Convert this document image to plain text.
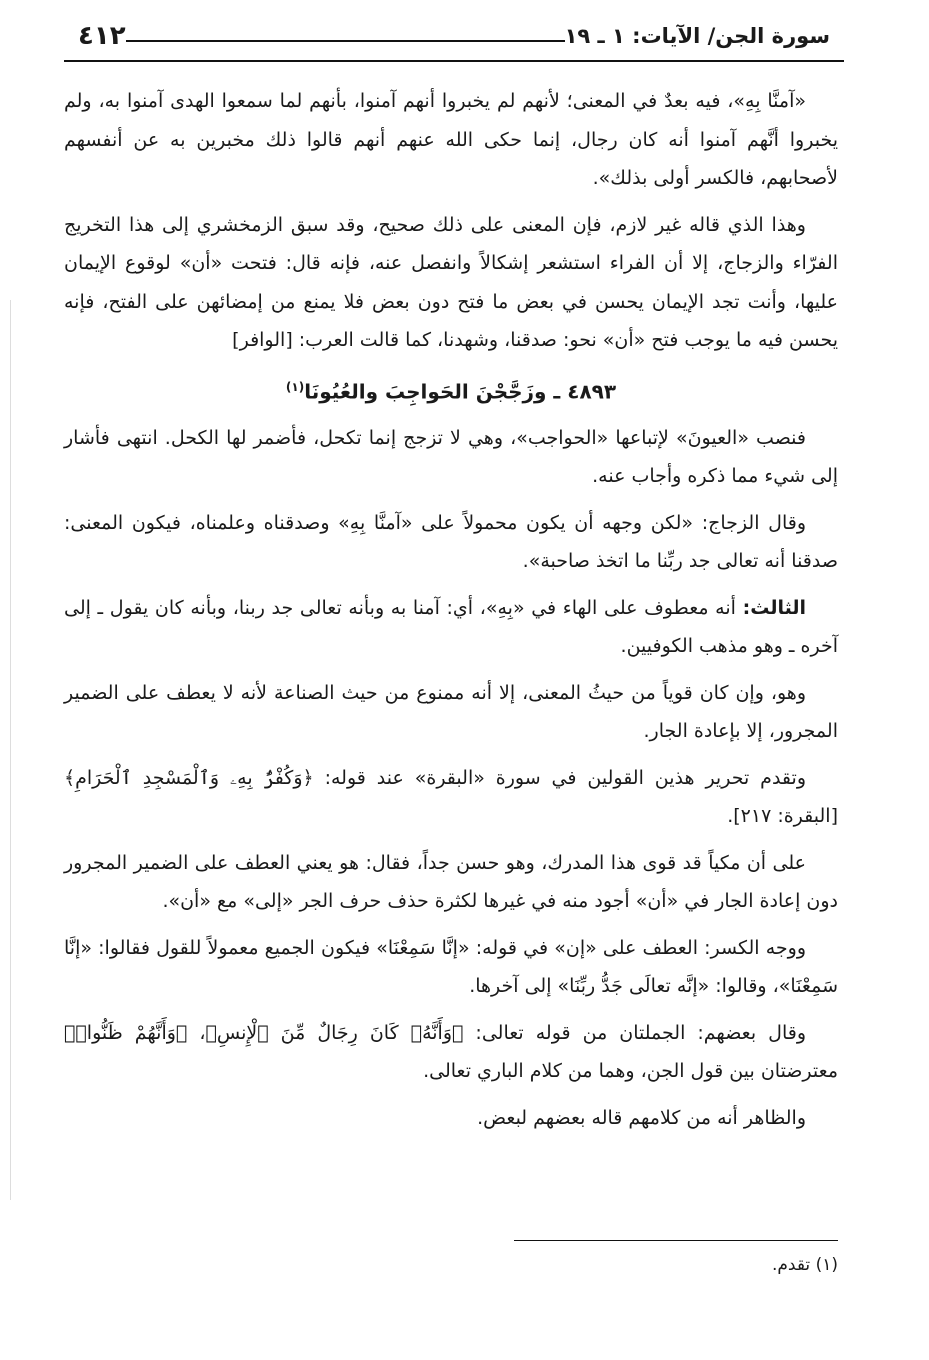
٤١٢	سورة الجن/ الآيات: ١ ـ ١٩

«آمنَّا بِهِ»، فيه بعدٌ في المعنى؛ لأنهم لم يخبروا أنهم آمنوا، بأنهم لما سمعوا الهدى آمنوا به، ولم يخبروا أنَّهم آمنوا أنه كان رجال، إنما حكى الله عنهم أنهم قالوا ذلك مخبرين به عن أنفسهم لأصحابهم، فالكسر أولى بذلك».

وهذا الذي قاله غير لازم، فإن المعنى على ذلك صحيح، وقد سبق الزمخشري إلى هذا التخريج الفرّاء والزجاج، إلا أن الفراء استشعر إشكالاً وانفصل عنه، فإنه قال: فتحت «أن» لوقوع الإيمان عليها، وأنت تجد الإيمان يحسن في بعض ما فتح دون بعض فلا يمنع من إمضائهن على الفتح، فإنه يحسن فيه ما يوجب فتح «أن» نحو: صدقنا، وشهدنا، كما قالت العرب: [الوافر]

٤٨٩٣ ـ وزَجَّجْنَ الحَواجِبَ والعُيُونَا$^{(١)}$

فنصب «العيونَ» لإتباعها «الحواجب»، وهي لا تزجج إنما تكحل، فأضمر لها الكحل. انتهى فأشار إلى شيء مما ذكره وأجاب عنه.

وقال الزجاج: «لكن وجهه أن يكون محمولاً على «آمنَّا بِهِ» وصدقناه وعلمناه، فيكون المعنى: صدقنا أنه تعالى جد ربِّنا ما اتخذ صاحبة».

الثالث: أنه معطوف على الهاء في «بِهِ»، أي: آمنا به وبأنه تعالى جد ربنا، وبأنه كان يقول ـ إلى آخره ـ وهو مذهب الكوفيين.

وهو، وإن كان قوياً من حيثُ المعنى، إلا أنه ممنوع من حيث الصناعة لأنه لا يعطف على الضمير المجرور، إلا بإعادة الجار.

وتقدم تحرير هذين القولين في سورة «البقرة» عند قوله: ﴿وَكُفْرٌۢ بِهِۦ وَٱلْمَسْجِدِ ٱلْحَرَامِ﴾ [البقرة: ٢١٧].

على أن مكياً قد قوى هذا المدرك، وهو حسن جداً، فقال: هو يعني العطف على الضمير المجرور دون إعادة الجار في «أن» أجود منه في غيرها لكثرة حذف حرف الجر «إلى» مع «أن».

ووجه الكسر: العطف على «إن» في قوله: «إنَّا سَمِعْنَا» فيكون الجميع معمولاً للقول فقالوا: «إنَّا سَمِعْنَا»، وقالوا: «إنَّه تعالَى جَدُّ ربِّنَا» إلى آخرها.

وقال بعضهم: الجملتان من قوله تعالى: ﴿وَأَنَّهُۥ كَانَ رِجَالٌ مِّنَ ٱلْإِنسِ﴾، ﴿وَأَنَّهُمْ ظَنُّوا۟﴾ معترضتان بين قول الجن، وهما من كلام الباري تعالى.

والظاهر أنه من كلامهم قاله بعضهم لبعض.

(١) تقدم.
